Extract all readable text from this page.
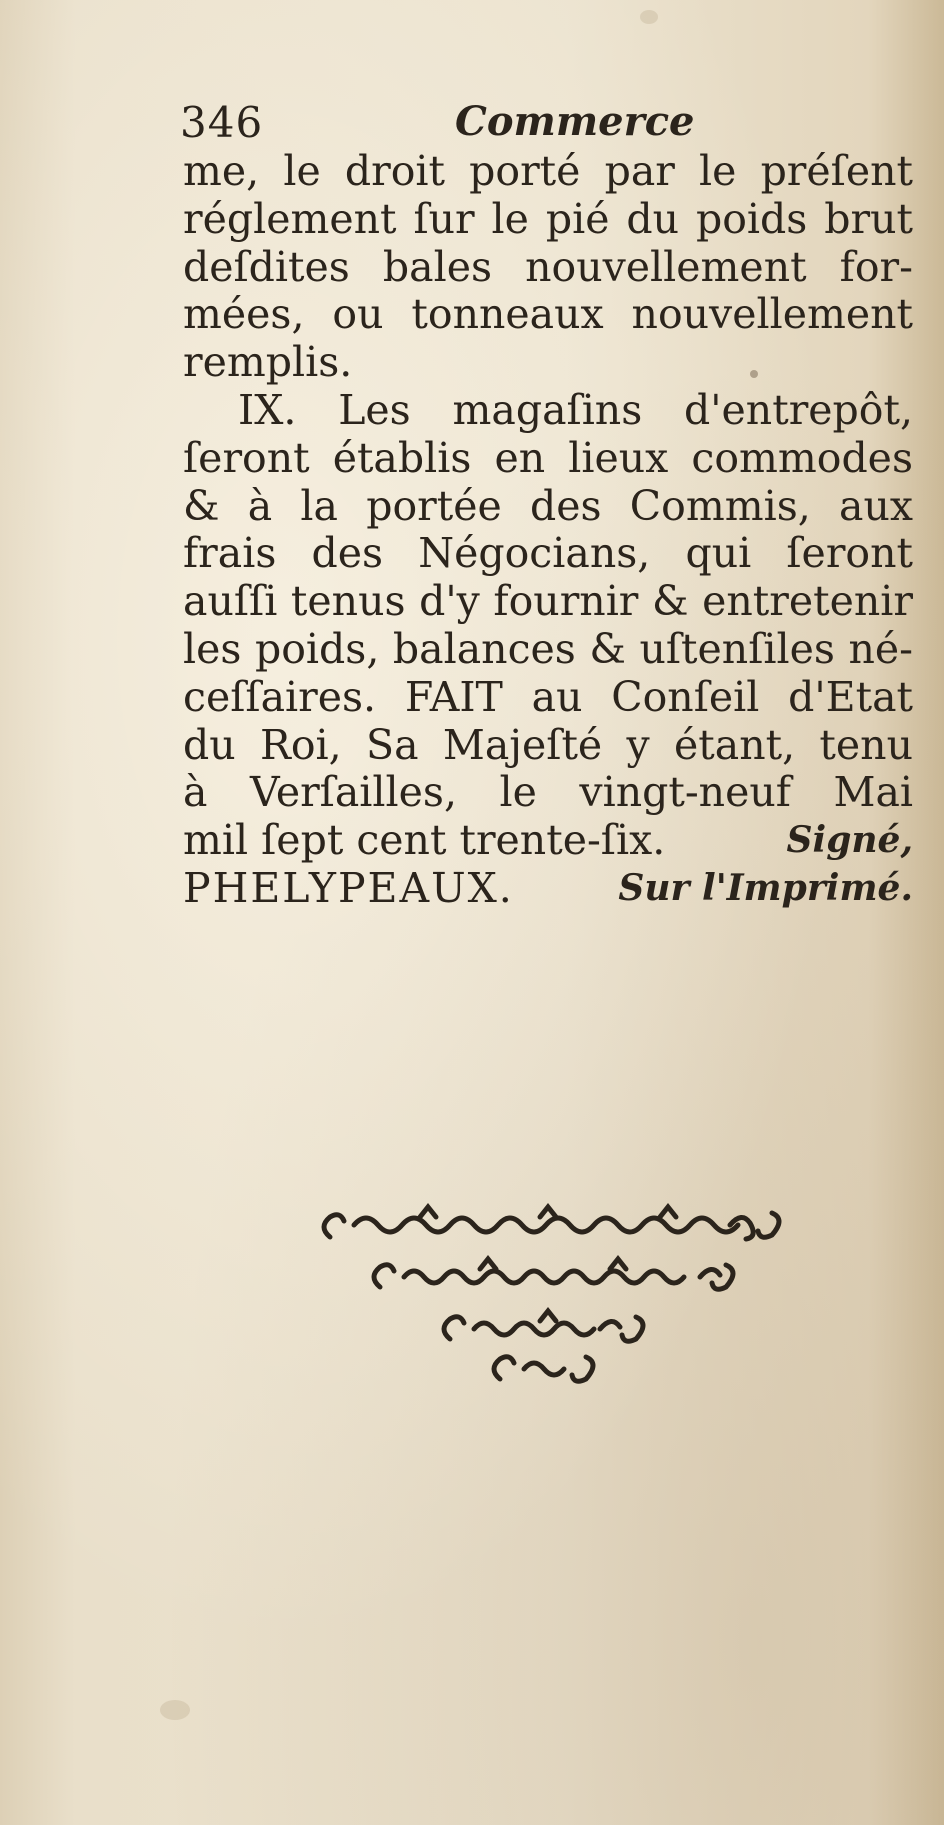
346	Commerce
me, le droit porté par le préſent
réglement ſur le pié du poids brut
deſdites bales nouvellement for-
mées, ou tonneaux nouvellement
remplis.
IX. Les magaſins d'entrepôt,
ſeront établis en lieux commodes
& à la portée des Commis, aux
frais des Négocians, qui ſeront
auſſi tenus d'y fournir & entretenir
les poids, balances & uſtenſiles né-
ceſſaires. FAIT au Conſeil d'Etat
du Roi, Sa Majeſté y étant, tenu
à Verſailles, le vingt-neuf Mai
mil ſept cent trente-ſix.	Signé,
PHELYPEAUX.	Sur l'Imprimé.
